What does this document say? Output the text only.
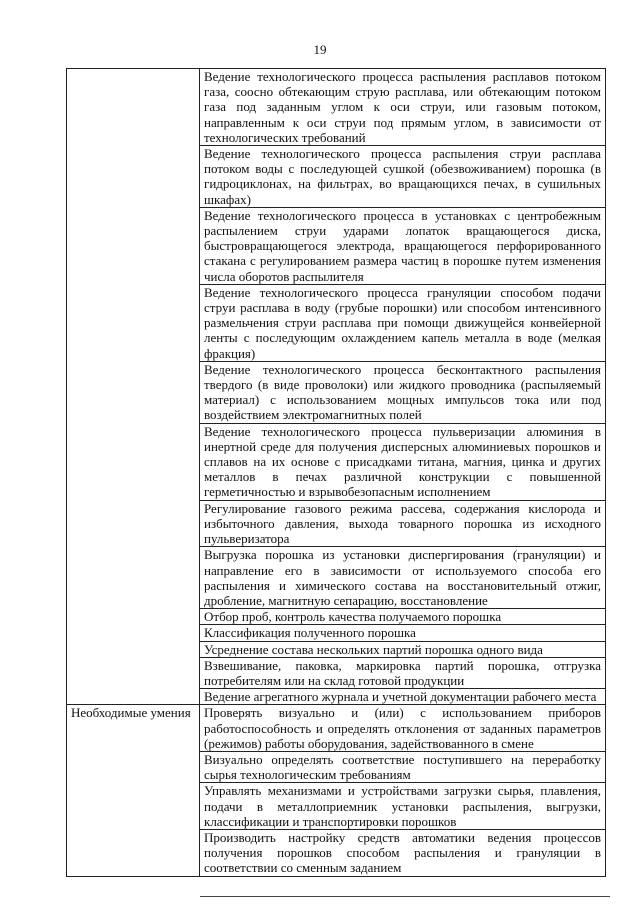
19
	Ведение технологического процесса распыления расплавов потоком газа, соосно обтекающим струю расплава, или обтекающим потоком газа под заданным углом к оси струи, или газовым потоком, направленным к оси струи под прямым углом, в зависимости от технологических требований
	Ведение технологического процесса распыления струи расплава потоком воды с последующей сушкой (обезвоживанием) порошка (в гидроциклонах, на фильтрах, во вращающихся печах, в сушильных шкафах)
	Ведение технологического процесса в установках с центробежным распылением струи ударами лопаток вращающегося диска, быстровращающегося электрода, вращающегося перфорированного стакана с регулированием размера частиц в порошке путем изменения числа оборотов распылителя
	Ведение технологического процесса грануляции способом подачи струи расплава в воду (грубые порошки) или способом интенсивного размельчения струи расплава при помощи движущейся конвейерной ленты с последующим охлаждением капель металла в воде (мелкая фракция)
	Ведение технологического процесса бесконтактного распыления твердого (в виде проволоки) или жидкого проводника (распыляемый материал) с использованием мощных импульсов тока или под воздействием электромагнитных полей
	Ведение технологического процесса пульверизации алюминия в инертной среде для получения дисперсных алюминиевых порошков и сплавов на их основе с присадками титана, магния, цинка и других металлов в печах различной конструкции с повышенной герметичностью и взрывобезопасным исполнением
	Регулирование газового режима рассева, содержания кислорода и избыточного давления, выхода товарного порошка из исходного пульверизатора
	Выгрузка порошка из установки диспергирования (грануляции) и направление его в зависимости от используемого способа его распыления и химического состава на восстановительный отжиг, дробление, магнитную сепарацию, восстановление
	Отбор проб, контроль качества получаемого порошка
	Классификация полученного порошка
	Усреднение состава нескольких партий порошка одного вида
	Взвешивание, паковка, маркировка партий порошка, отгрузка потребителям или на склад готовой продукции
	Ведение агрегатного журнала и учетной документации рабочего места
Необходимые умения	Проверять визуально и (или) с использованием приборов работоспособность и определять отклонения от заданных параметров (режимов) работы оборудования, задействованного в смене
	Визуально определять соответствие поступившего на переработку сырья технологическим требованиям
	Управлять механизмами и устройствами загрузки сырья, плавления, подачи в металлоприемник установки распыления, выгрузки, классификации и транспортировки порошков
	Производить настройку средств автоматики ведения процессов получения порошков способом распыления и грануляции в соответствии со сменным заданием
